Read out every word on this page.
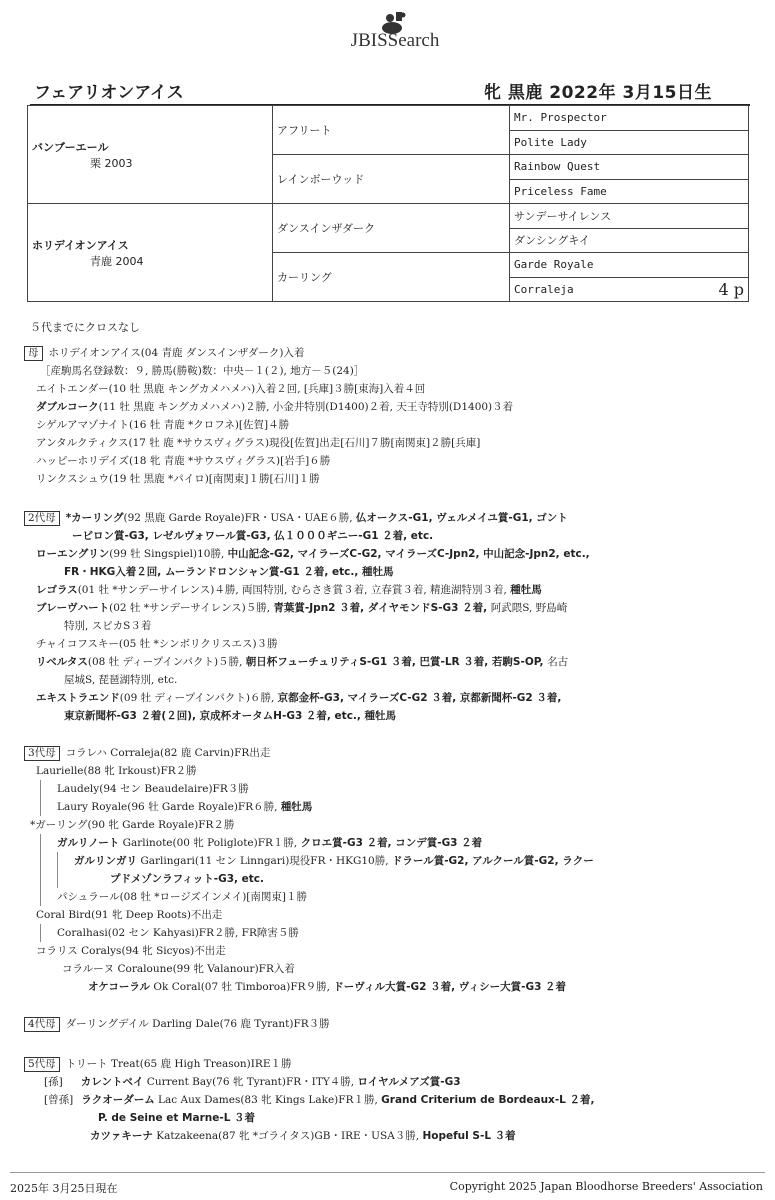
JBISSearch
フェアリオンアイス	牝 黒鹿 2022年 3月15日生
バンブーエール
栗 2003	アフリート	Mr. Prospector
		Polite Lady
	レインボーウッド	Rainbow Quest
		Priceless Fame

ホリデイオンアイス
青鹿 2004	ダンスインザダーク	サンデーサイレンス
		ダンシングキイ
	カーリング	Garde Royale
		Corraleja 4 p
５代までにクロスなし
母 ホリデイオンアイス(04 青鹿 ダンスインザダーク)入着
［産駒馬名登録数：９, 勝馬(勝鞍)数：中央－１(２), 地方－５(24)］
エイトエンダー(10 牡 黒鹿 キングカメハメハ)入着２回, [兵庫]３勝[東海]入着４回
ダブルコーク(11 牡 黒鹿 キングカメハメハ)２勝, 小金井特別(D1400)２着, 天王寺特別(D1400)３着
シゲルアマゾナイト(16 牡 青鹿 *クロフネ)[佐賀]４勝
アンタルクティクス(17 牡 鹿 *サウスヴィグラス)現役[佐賀]出走[石川]７勝[南関東]２勝[兵庫]
ハッピーホリデイズ(18 牝 青鹿 *サウスヴィグラス)[岩手]６勝
リンクスシュウ(19 牡 黒鹿 *パイロ)[南関東]１勝[石川]１勝
2代母 *カーリング(92 黒鹿 Garde Royale)FR・USA・UAE６勝, 仏オークス-G1, ヴェルメイユ賞-G1, ゴント
ービロン賞-G3, レゼルヴォワール賞-G3, 仏１０００ギニー-G1 ２着, etc.
ローエングリン(99 牡 Singspiel)10勝, 中山記念-G2, マイラーズC-G2, マイラーズC-Jpn2, 中山記念-Jpn2, etc.,
FR・HKG入着２回, ムーランドロンシャン賞-G1 ２着, etc., 種牡馬
レゴラス(01 牡 *サンデーサイレンス)４勝, 両国特別, むらさき賞３着, 立春賞３着, 精進湖特別３着, 種牡馬
ブレーヴハート(02 牡 *サンデーサイレンス)５勝, 青葉賞-Jpn2 ３着, ダイヤモンドS-G3 ２着, 阿武隈S, 野島崎
特別, スピカS３着
チャイコフスキー(05 牡 *シンボリクリスエス)３勝
リベルタス(08 牡 ディープインパクト)５勝, 朝日杯フューチュリティS-G1 ３着, 巴賞-LR ３着, 若駒S-OP, 名古
屋城S, 琵琶湖特別, etc.
エキストラエンド(09 牡 ディープインパクト)６勝, 京都金杯-G3, マイラーズC-G2 ３着, 京都新聞杯-G2 ３着,
東京新聞杯-G3 ２着(２回), 京成杯オータムH-G3 ２着, etc., 種牡馬
3代母 コラレハ Corraleja(82 鹿 Carvin)FR出走
Laurielle(88 牝 Irkoust)FR２勝
Laudely(94 セン Beaudelaire)FR３勝
Laury Royale(96 牡 Garde Royale)FR６勝, 種牡馬
*ガーリング(90 牝 Garde Royale)FR２勝
ガルリノート Garlinote(00 牝 Poliglote)FR１勝, クロエ賞-G3 ２着, コンデ賞-G3 ２着
ガルリンガリ Garlingari(11 セン Linngari)現役FR・HKG10勝, ドラール賞-G2, アルクール賞-G2, ラクー
プドメゾンラフィット-G3, etc.
パシュラール(08 牡 *ロージズインメイ)[南関東]１勝
Coral Bird(91 牝 Deep Roots)不出走
Coralhasi(02 セン Kahyasi)FR２勝, FR障害５勝
コラリス Coralys(94 牝 Sicyos)不出走
コラルーヌ Coraloune(99 牝 Valanour)FR入着
オケコーラル Ok Coral(07 牡 Timboroa)FR９勝, ドーヴィル大賞-G2 ３着, ヴィシー大賞-G3 ２着
4代母 ダーリングデイル Darling Dale(76 鹿 Tyrant)FR３勝
5代母 トリート Treat(65 鹿 High Treason)IRE１勝
[孫] カレントベイ Current Bay(76 牝 Tyrant)FR・ITY４勝, ロイヤルメアズ賞-G3
[曾孫] ラクオーダーム Lac Aux Dames(83 牝 Kings Lake)FR１勝, Grand Criterium de Bordeaux-L ２着,
P. de Seine et Marne-L ３着
カツァキーナ Katzakeena(87 牝 *ゴライタス)GB・IRE・USA３勝, Hopeful S-L ３着
2025年 3月25日現在	Copyright 2025 Japan Bloodhorse Breeders' Association
